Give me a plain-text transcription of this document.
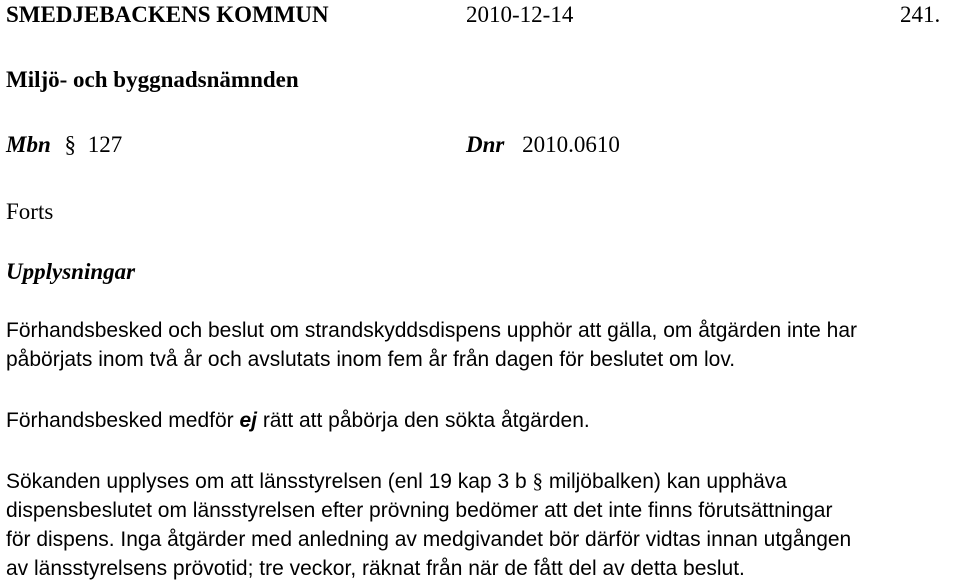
SMEDJEBACKENS KOMMUN	2010-12-14	241.
Miljö- och byggnadsnämnden
Mbn § 127	Dnr 2010.0610
Forts
Upplysningar
Förhandsbesked och beslut om strandskyddsdispens upphör att gälla, om åtgärden inte har
påbörjats inom två år och avslutats inom fem år från dagen för beslutet om lov.
Förhandsbesked medför ej rätt att påbörja den sökta åtgärden.
Sökanden upplyses om att länsstyrelsen (enl 19 kap 3 b § miljöbalken) kan upphäva
dispensbeslutet om länsstyrelsen efter prövning bedömer att det inte finns förutsättningar
för dispens. Inga åtgärder med anledning av medgivandet bör därför vidtas innan utgången
av länsstyrelsens prövotid; tre veckor, räknat från när de fått del av detta beslut.
